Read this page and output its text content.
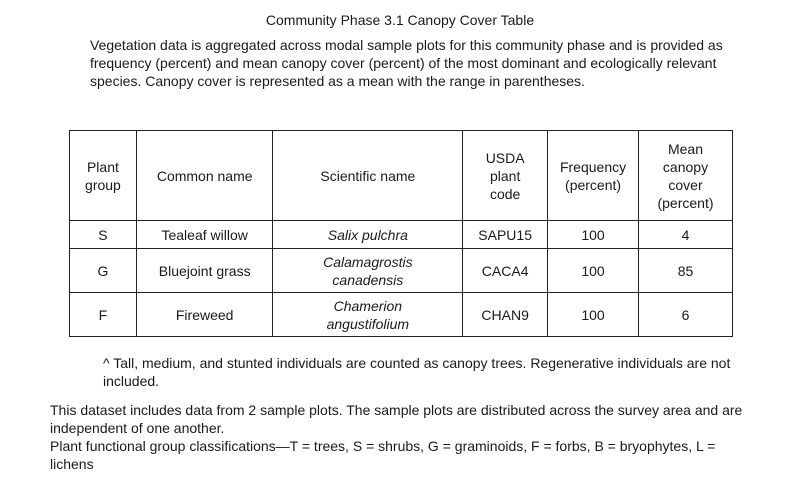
Community Phase 3.1 Canopy Cover Table
Vegetation data is aggregated across modal sample plots for this community phase and is provided as frequency (percent) and mean canopy cover (percent) of the most dominant and ecologically relevant species. Canopy cover is represented as a mean with the range in parentheses.
Plant group	Common name	Scientific name	USDA plant code	Frequency (percent)	Mean canopy cover (percent)
S	Tealeaf willow	Salix pulchra	SAPU15	100	4
G	Bluejoint grass	Calamagrostis canadensis	CACA4	100	85
F	Fireweed	Chamerion angustifolium	CHAN9	100	6
^ Tall, medium, and stunted individuals are counted as canopy trees. Regenerative individuals are not included.
This dataset includes data from 2 sample plots. The sample plots are distributed across the survey area and are independent of one another.
Plant functional group classifications—T = trees, S = shrubs, G = graminoids, F = forbs, B = bryophytes, L = lichens
